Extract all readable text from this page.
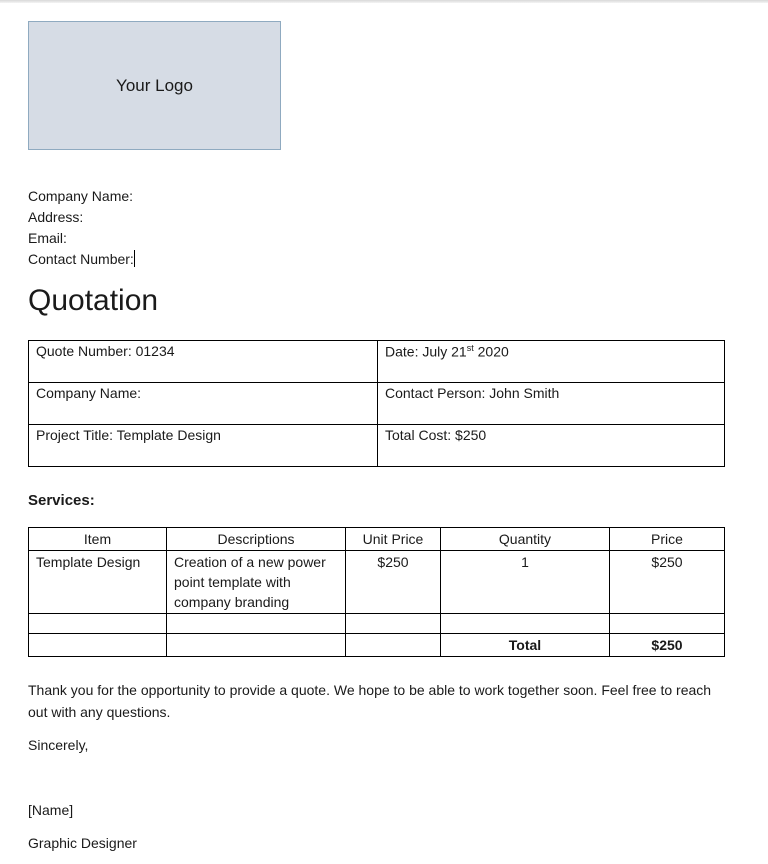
Your Logo
Company Name:
Address:
Email:
Contact Number:
Quotation
Quote Number: 01234	Date: July 21st 2020
Company Name:	Contact Person: John Smith
Project Title: Template Design	Total Cost: $250
Services:
Item	Descriptions	Unit Price	Quantity	Price
Template Design	Creation of a new power point template with company branding	$250	1	$250

			Total	$250
Thank you for the opportunity to provide a quote. We hope to be able to work together soon. Feel free to reach out with any questions.
Sincerely,
[Name]
Graphic Designer
